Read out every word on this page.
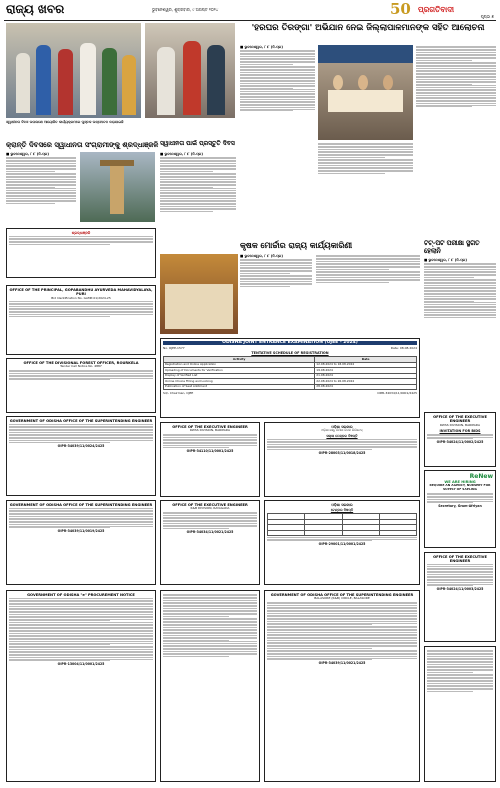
ରାଜ୍ୟ ଖବର	ଭୁବନେଶ୍ୱର, ଶୁକ୍ରବାର, ୯ ଅଗଷ୍ଟ ୨୦୨୪	50 ପ୍ରଗତିବାଦୀ
ପୃଷ୍ଠା ୭
ସ୍ୱାଧୀନତା ଦିବସ ଉପଲକ୍ଷେ ଆୟୋଜିତ କାର୍ଯ୍ୟକ୍ରମରେ ପୁସ୍ତକ ଉନ୍ମୋଚନ କରାଯାଇଛି
କ୍ରାନ୍ତି ଦିବସରେ ସ୍ୱାଧୀନତା ସଂଗ୍ରାମୀଙ୍କୁ ଶ୍ରଦ୍ଧାଞ୍ଜଳି
■ ଭୁବନେଶ୍ୱର, ୮।୮ (ନି.ପ୍ର)
ସ୍ୱାଧୀନତା ପାଇଁ ପ୍ରସ୍ତୁତି ଦିବସ
■ ଭୁବନେଶ୍ୱର, ୮।୮ (ନି.ପ୍ର)
ଶ୍ରଦ୍ଧାଞ୍ଜଳି
'ହରଘର ତିରଙ୍ଗା' ଅଭିଯାନ ନେଇ ଜିଲ୍ଲାପାଳମାନଙ୍କ ସହିତ ଆଲୋଚନା
■ ଭୁବନେଶ୍ୱର, ୮।୮ (ନି.ପ୍ର)
କୃଷକ ମୋର୍ଚ୍ଚାର ରାଜ୍ୟ କାର୍ଯ୍ୟକାରିଣୀ
■ ଭୁବନେଶ୍ୱର, ୮।୮ (ନି.ପ୍ର)
ଟିଟ୍-ପିଟି ପରୀକ୍ଷା ସ୍ଥଗିତ ହେଲାନି
■ ଭୁବନେଶ୍ୱର, ୮।୮ (ନି.ପ୍ର)
OFFICE OF THE PRINCIPAL, GOPABANDHU AYURVEDA MAHAVIDYALAYA, PURI
Bid Identification No. GAMP-01/2024-25
OFFICE OF THE DIVISIONAL FOREST OFFICER, ROURKELA
Tender Call Notice No. 4887
ODISHA JOINT ENTRANCE EXAMINATION (OJEE - 2024)
No. OJEE-1577	Date: 08.08.2024
TENTATIVE SCHEDULE OF REGISTRATION
Activity	Date
Registration and Online Application	12.08.2024 to 18.08.2024
Uploading of Documents for Verification	19.08.2024
Display of Verified List	21.08.2024
Online Choice Filling and Locking	22.08.2024 to 26.08.2024
Publication of Seat Allotment	28.08.2024
Sd/- Chairman, OJEE	OIPR-34034/11/0001/2425
OFFICE OF THE EXECUTIVE ENGINEER
RWSS DIVISION, BARIPADA
INVITATION FOR BIDS
OIPR-34024/11/0002/2425
GOVERNMENT OF ODISHA OFFICE OF THE SUPERINTENDING ENGINEER
OIPR-34039/11/0024/2425
OFFICE OF THE EXECUTIVE ENGINEER
RWSS DIVISION, BARIPADA
OIPR-34110/11/0001/2425
ଓଡ଼ିଶା ସରକାର
ଓଡ଼ିଶା ସେତୁ ନିର୍ମାଣ ନିଗମ ଲିମିଟେଡ୍
ସକ୍ସା ଟେଣ୍ଡର ବିଜ୍ଞପ୍ତି
OIPR-28003/11/0018/2425
ReNew
WE ARE HIRING
REQUIRE AN AGENCY, NURSERY FOR SUPPLY OF SAPLING
Secretary, Gram-Afriyan
GOVERNMENT OF ODISHA OFFICE OF THE SUPERINTENDING ENGINEER
OIPR-34039/11/0019/2425
OFFICE OF THE EXECUTIVE ENGINEER
R&B DIVISION, RAYAGADA
OIPR-34034/11/0021/2425
ଓଡ଼ିଶା ସରକାର
ଟେଣ୍ଡର ବିଜ୍ଞପ୍ତି

OIPR-29001/11/0001/2425
OFFICE OF THE EXECUTIVE ENGINEER
OIPR-34024/11/0003/2425
GOVERNMENT OF ODISHA "e" PROCUREMENT NOTICE
OIPR-13004/11/0001/2425
GOVERNMENT OF ODISHA OFFICE OF THE SUPERINTENDING ENGINEER
BALASORE (R&B) CIRCLE, BALASORE
OIPR-34039/11/0021/2425
